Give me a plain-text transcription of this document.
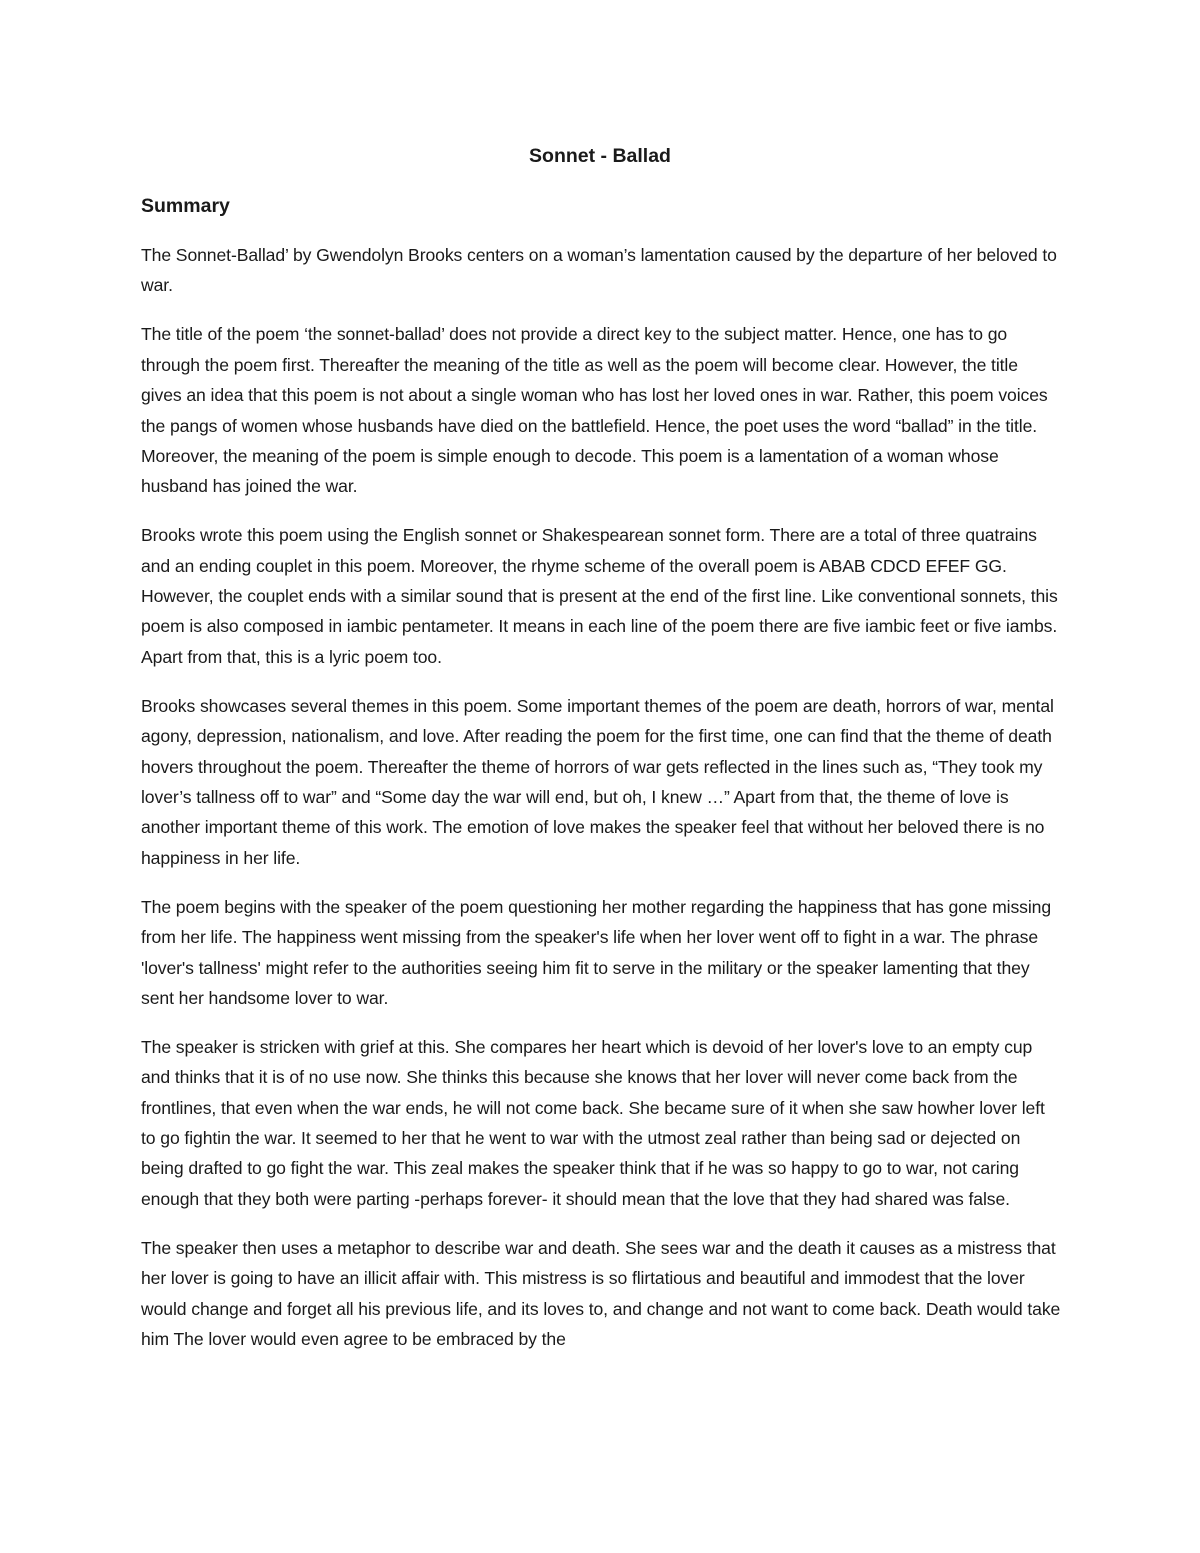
Sonnet - Ballad
Summary

The Sonnet-Ballad’ by Gwendolyn Brooks centers on a woman’s lamentation caused by the departure of her beloved to war.

The title of the poem ‘the sonnet-ballad’ does not provide a direct key to the subject matter. Hence, one has to go through the poem first. Thereafter the meaning of the title as well as the poem will become clear. However, the title gives an idea that this poem is not about a single woman who has lost her loved ones in war. Rather, this poem voices the pangs of women whose husbands have died on the battlefield. Hence, the poet uses the word “ballad” in the title. Moreover, the meaning of the poem is simple enough to decode. This poem is a lamentation of a woman whose husband has joined the war.

Brooks wrote this poem using the English sonnet or Shakespearean sonnet form. There are a total of three quatrains and an ending couplet in this poem. Moreover, the rhyme scheme of the overall poem is ABAB CDCD EFEF GG. However, the couplet ends with a similar sound that is present at the end of the first line. Like conventional sonnets, this poem is also composed in iambic pentameter. It means in each line of the poem there are five iambic feet or five iambs. Apart from that, this is a lyric poem too.

Brooks showcases several themes in this poem. Some important themes of the poem are death, horrors of war, mental agony, depression, nationalism, and love. After reading the poem for the first time, one can find that the theme of death hovers throughout the poem. Thereafter the theme of horrors of war gets reflected in the lines such as, “They took my lover’s tallness off to war” and “Some day the war will end, but oh, I knew …” Apart from that, the theme of love is another important theme of this work. The emotion of love makes the speaker feel that without her beloved there is no happiness in her life.

The poem begins with the speaker of the poem questioning her mother regarding the happiness that has gone missing from her life. The happiness went missing from the speaker's life when her lover went off to fight in a war. The phrase 'lover's tallness' might refer to the authorities seeing him fit to serve in the military or the speaker lamenting that they sent her handsome lover to war.

The speaker is stricken with grief at this. She compares her heart which is devoid of her lover's love to an empty cup and thinks that it is of no use now. She thinks this because she knows that her lover will never come back from the frontlines, that even when the war ends, he will not come back. She became sure of it when she saw howher lover left to go fightin the war. It seemed to her that he went to war with the utmost zeal rather than being sad or dejected on being drafted to go fight the war. This zeal makes the speaker think that if he was so happy to go to war, not caring enough that they both were parting -perhaps forever- it should mean that the love that they had shared was false.

The speaker then uses a metaphor to describe war and death. She sees war and the death it causes as a mistress that her lover is going to have an illicit affair with. This mistress is so flirtatious and beautiful and immodest that the lover would change and forget all his previous life, and its loves to, and change and not want to come back. Death would take him The lover would even agree to be embraced by the
